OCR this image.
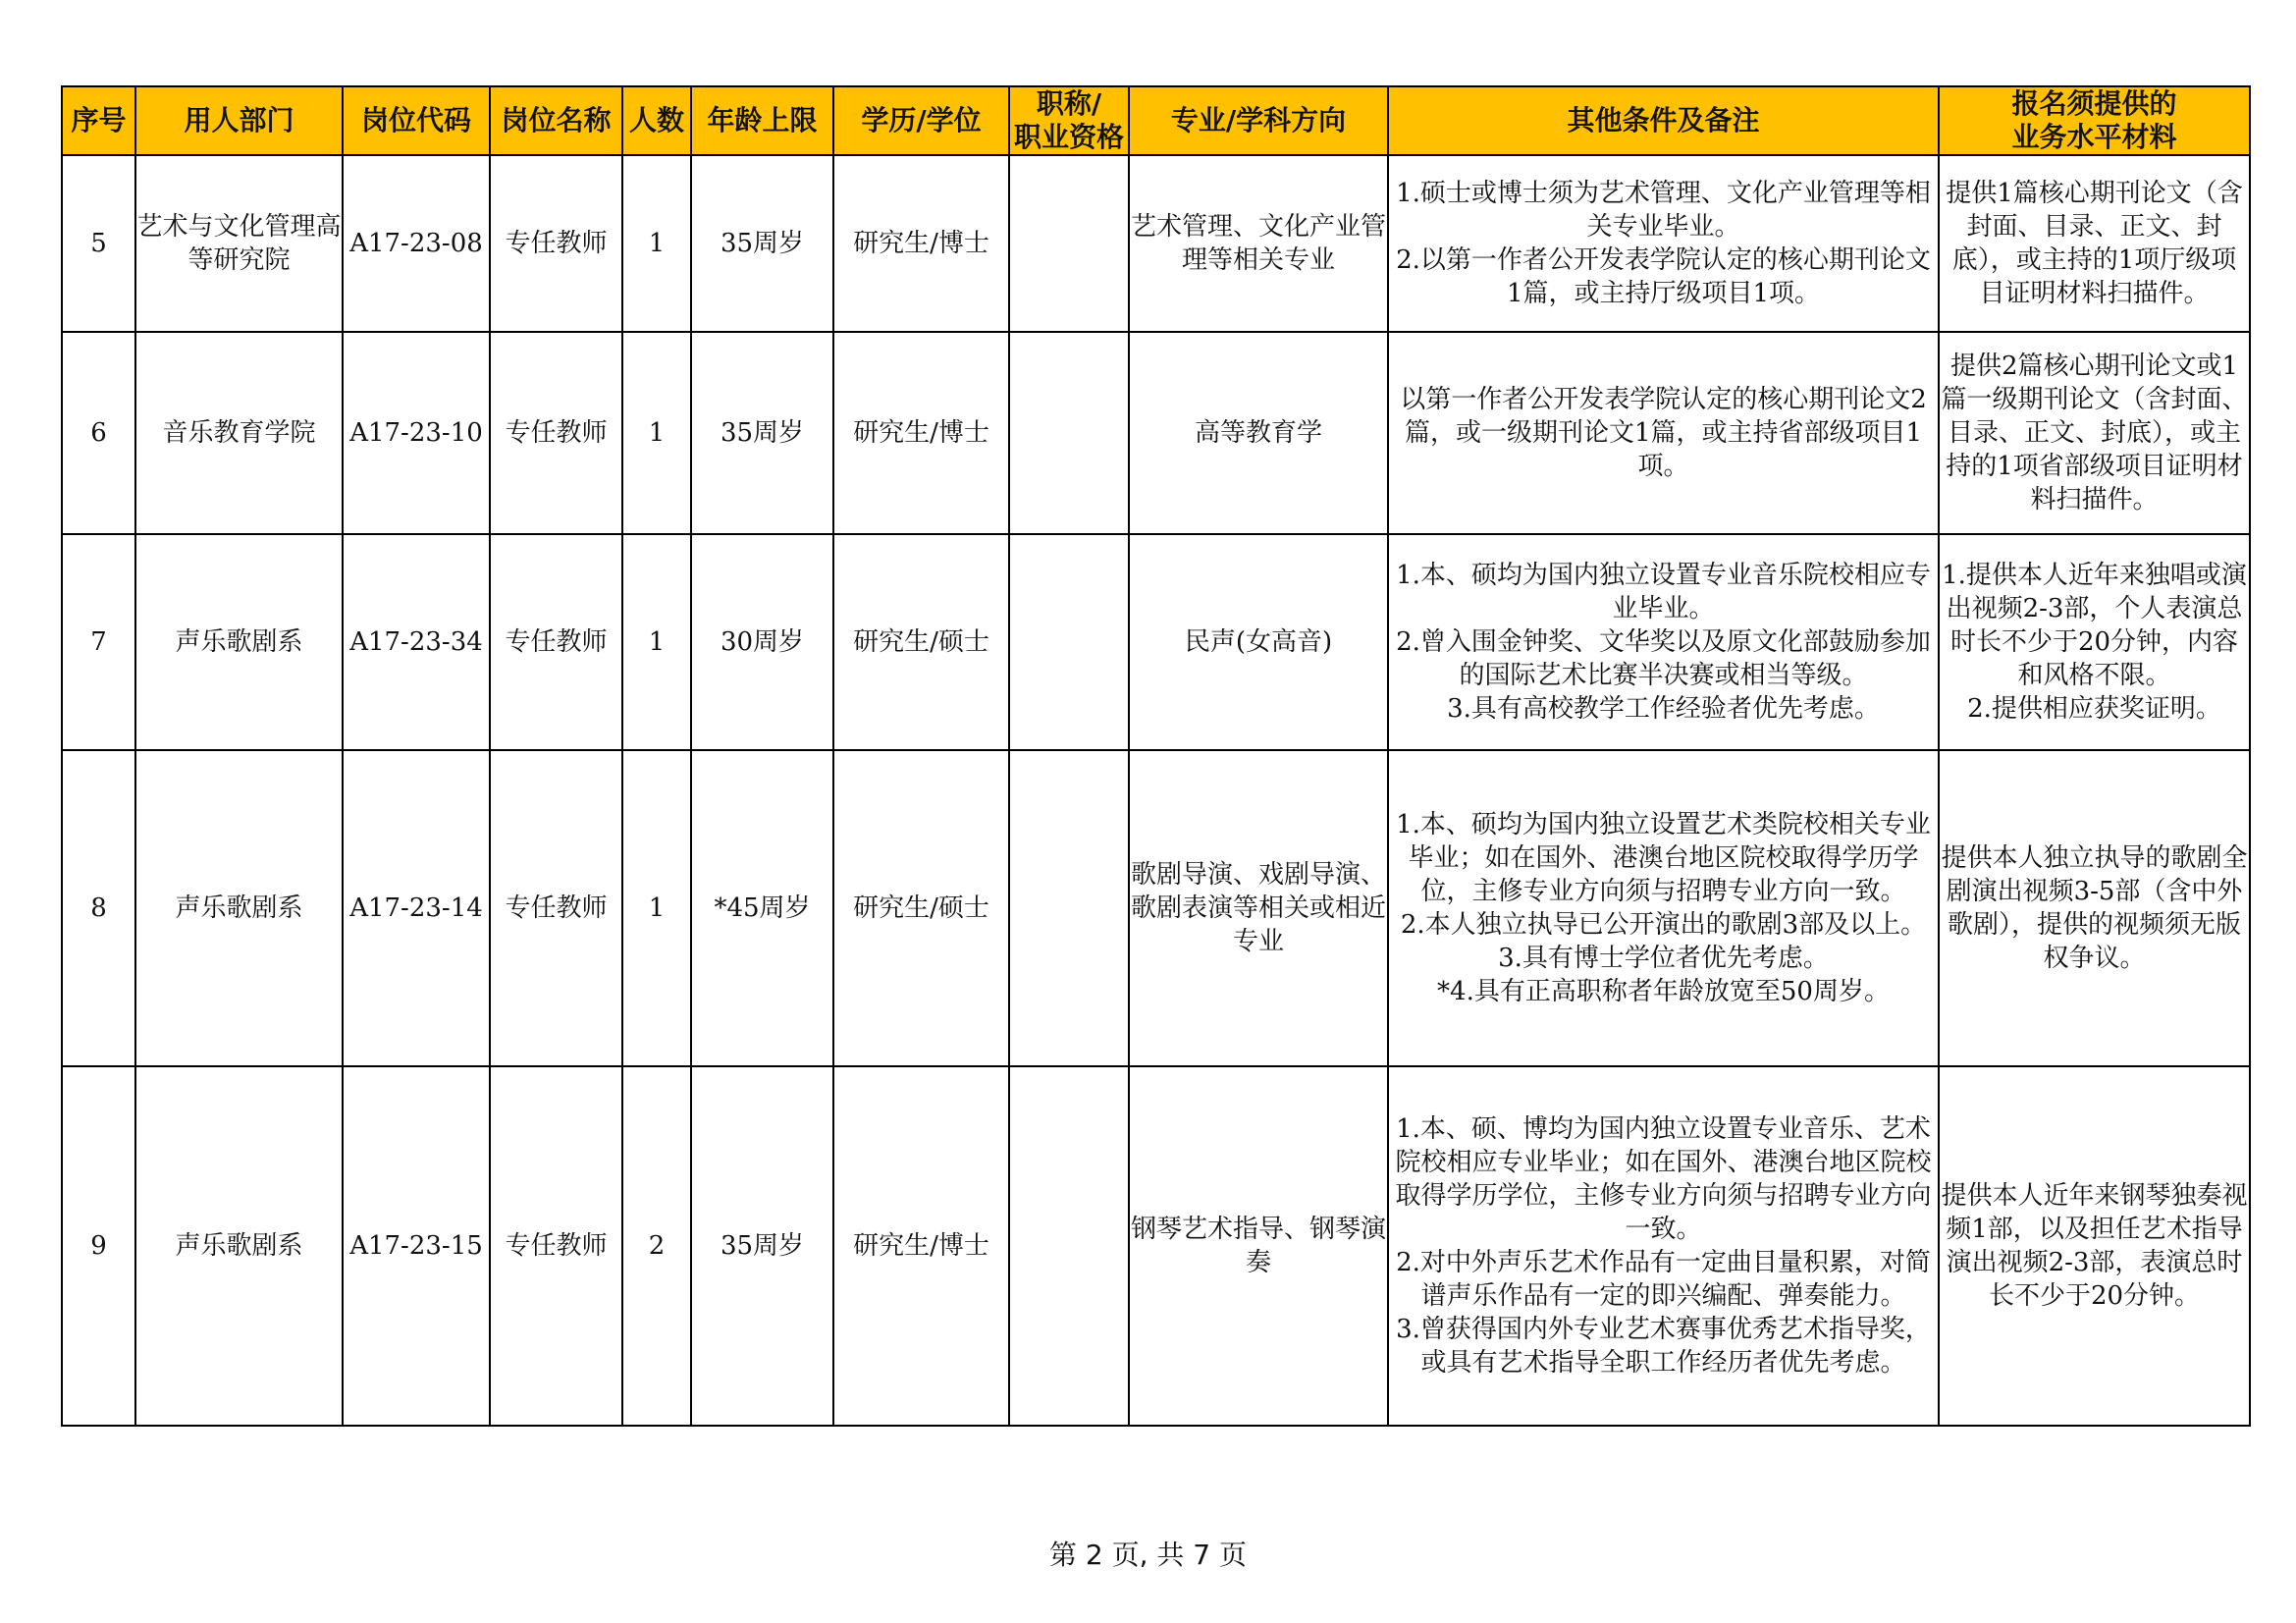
序号	用人部门	岗位代码	岗位名称	人数	年龄上限	学历/学位	职称/
职业资格	专业/学科方向	其他条件及备注	报名须提供的
业务水平材料

5	艺术与文化管理高等研究院	A17-23-08	专任教师	1	35周岁	研究生/博士		艺术管理、文化产业管理等相关专业	1.硕士或博士须为艺术管理、文化产业管理等相关专业毕业。
2.以第一作者公开发表学院认定的核心期刊论文1篇，或主持厅级项目1项。	提供1篇核心期刊论文（含封面、目录、正文、封底），或主持的1项厅级项目证明材料扫描件。
6	音乐教育学院	A17-23-10	专任教师	1	35周岁	研究生/博士		高等教育学	以第一作者公开发表学院认定的核心期刊论文2篇，或一级期刊论文1篇，或主持省部级项目1项。	提供2篇核心期刊论文或1篇一级期刊论文（含封面、目录、正文、封底），或主持的1项省部级项目证明材料扫描件。
7	声乐歌剧系	A17-23-34	专任教师	1	30周岁	研究生/硕士		民声(女高音)	1.本、硕均为国内独立设置专业音乐院校相应专业毕业。
2.曾入围金钟奖、文华奖以及原文化部鼓励参加的国际艺术比赛半决赛或相当等级。
3.具有高校教学工作经验者优先考虑。	1.提供本人近年来独唱或演出视频2-3部，个人表演总时长不少于20分钟，内容和风格不限。
2.提供相应获奖证明。
8	声乐歌剧系	A17-23-14	专任教师	1	*45周岁	研究生/硕士		歌剧导演、戏剧导演、歌剧表演等相关或相近专业	1.本、硕均为国内独立设置艺术类院校相关专业毕业；如在国外、港澳台地区院校取得学历学位，主修专业方向须与招聘专业方向一致。
2.本人独立执导已公开演出的歌剧3部及以上。
3.具有博士学位者优先考虑。
*4.具有正高职称者年龄放宽至50周岁。	提供本人独立执导的歌剧全剧演出视频3-5部（含中外歌剧），提供的视频须无版权争议。
9	声乐歌剧系	A17-23-15	专任教师	2	35周岁	研究生/博士		钢琴艺术指导、钢琴演奏	1.本、硕、博均为国内独立设置专业音乐、艺术院校相应专业毕业；如在国外、港澳台地区院校取得学历学位，主修专业方向须与招聘专业方向一致。
2.对中外声乐艺术作品有一定曲目量积累，对简谱声乐作品有一定的即兴编配、弹奏能力。
3.曾获得国内外专业艺术赛事优秀艺术指导奖，或具有艺术指导全职工作经历者优先考虑。	提供本人近年来钢琴独奏视频1部，以及担任艺术指导演出视频2-3部，表演总时长不少于20分钟。
第 2 页, 共 7 页
